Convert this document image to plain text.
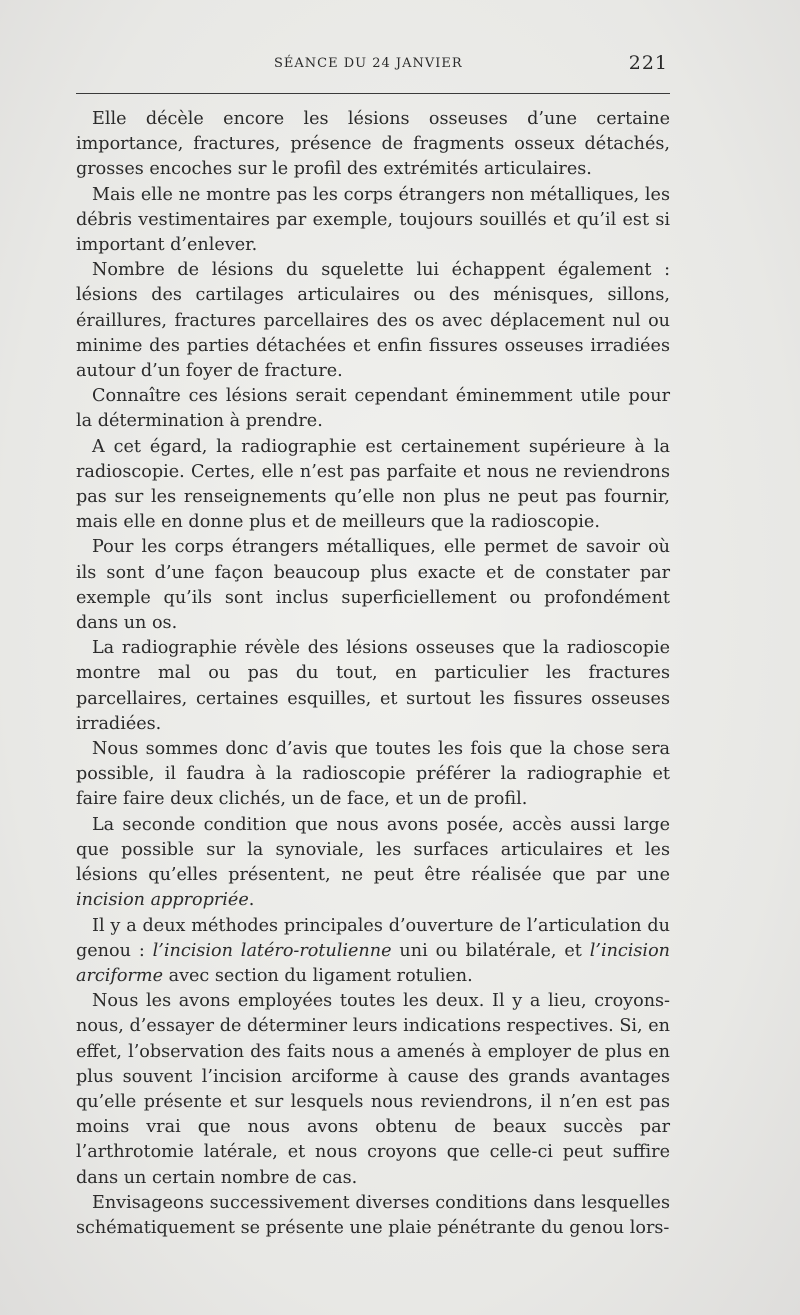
SÉANCE DU 24 JANVIER	221

Elle décèle encore les lésions osseuses d’une certaine importance, fractures, présence de fragments osseux détachés, grosses encoches sur le profil des extrémités articulaires.

Mais elle ne montre pas les corps étrangers non métalliques, les débris vestimentaires par exemple, toujours souillés et qu’il est si important d’enlever.

Nombre de lésions du squelette lui échappent également : lésions des cartilages articulaires ou des ménisques, sillons, éraillures, fractures parcellaires des os avec déplacement nul ou minime des parties détachées et enfin fissures osseuses irradiées autour d’un foyer de fracture.

Connaître ces lésions serait cependant éminemment utile pour la détermination à prendre.

A cet égard, la radiographie est certainement supérieure à la radioscopie. Certes, elle n’est pas parfaite et nous ne reviendrons pas sur les renseignements qu’elle non plus ne peut pas fournir, mais elle en donne plus et de meilleurs que la radioscopie.

Pour les corps étrangers métalliques, elle permet de savoir où ils sont d’une façon beaucoup plus exacte et de constater par exemple qu’ils sont inclus superficiellement ou profondément dans un os.

La radiographie révèle des lésions osseuses que la radioscopie montre mal ou pas du tout, en particulier les fractures parcellaires, certaines esquilles, et surtout les fissures osseuses irradiées.

Nous sommes donc d’avis que toutes les fois que la chose sera possible, il faudra à la radioscopie préférer la radiographie et faire faire deux clichés, un de face, et un de profil.

La seconde condition que nous avons posée, accès aussi large que possible sur la synoviale, les surfaces articulaires et les lésions qu’elles présentent, ne peut être réalisée que par une incision appropriée.

Il y a deux méthodes principales d’ouverture de l’articulation du genou : l’incision latéro-rotulienne uni ou bilatérale, et l’incision arciforme avec section du ligament rotulien.

Nous les avons employées toutes les deux. Il y a lieu, croyons-nous, d’essayer de déterminer leurs indications respectives. Si, en effet, l’observation des faits nous a amenés à employer de plus en plus souvent l’incision arciforme à cause des grands avantages qu’elle présente et sur lesquels nous reviendrons, il n’en est pas moins vrai que nous avons obtenu de beaux succès par l’arthrotomie latérale, et nous croyons que celle-ci peut suffire dans un certain nombre de cas.

Envisageons successivement diverses conditions dans lesquelles schématiquement se présente une plaie pénétrante du genou lors-
